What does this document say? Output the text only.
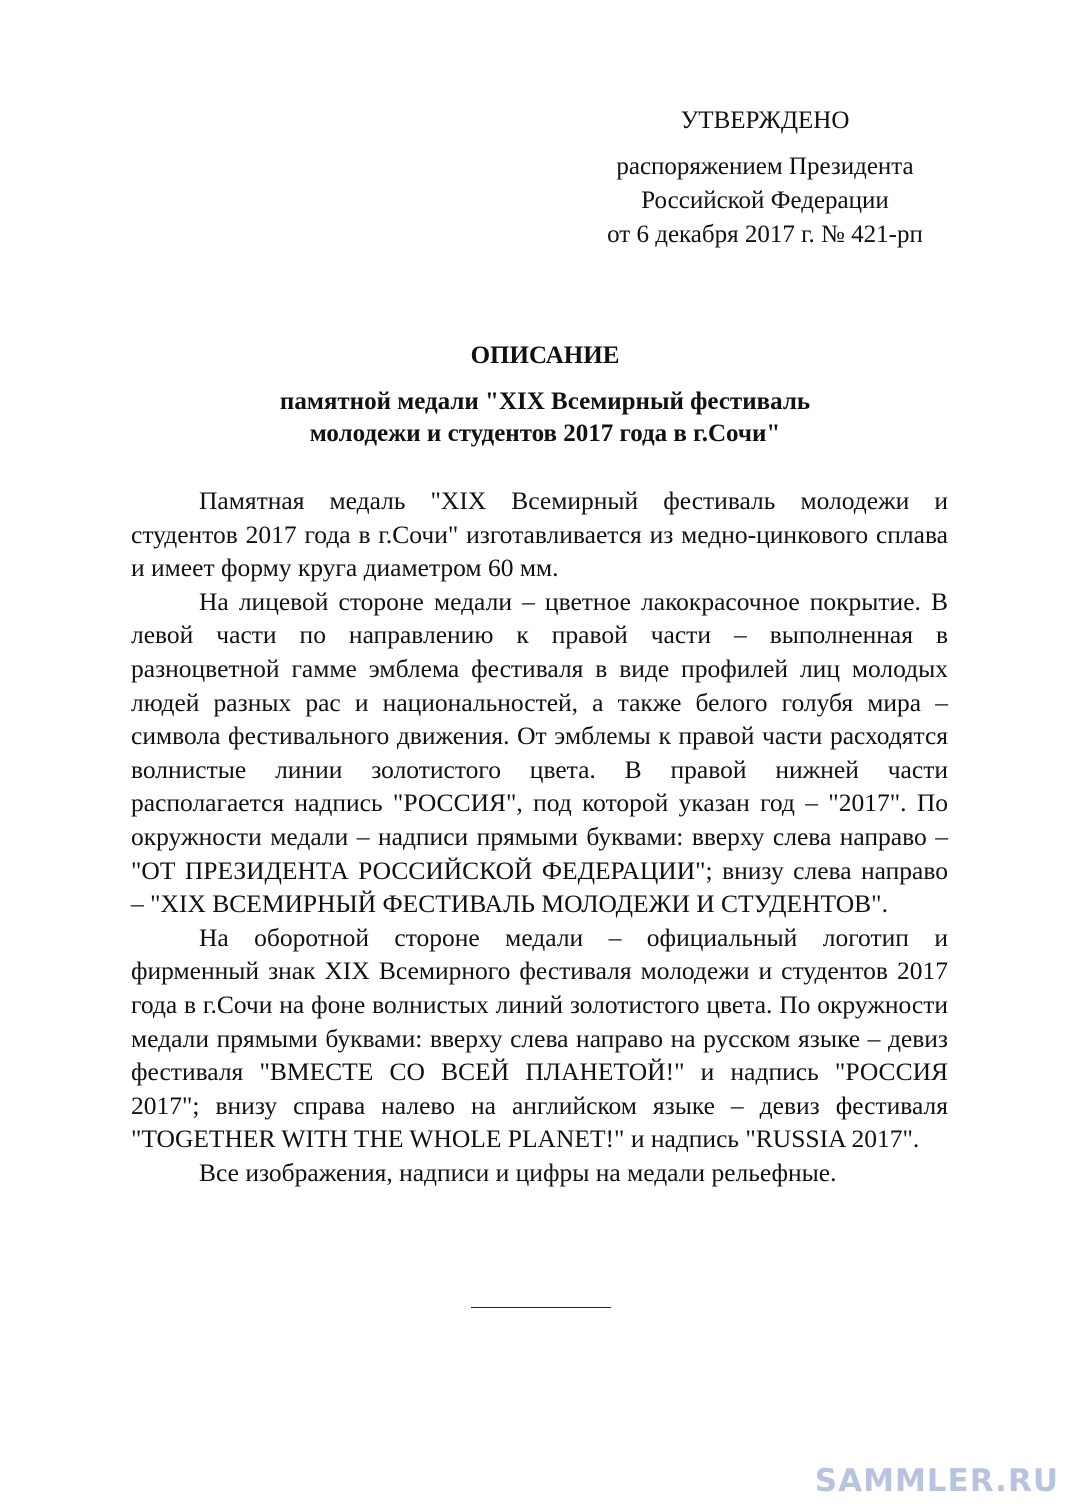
УТВЕРЖДЕНО
распоряжением Президента
Российской Федерации
от 6 декабря 2017 г. № 421-рп
ОПИСАНИЕ
памятной медали "XIX Всемирный фестиваль
молодежи и студентов 2017 года в г.Сочи"

Памятная медаль "XIX Всемирный фестиваль молодежи и студентов 2017 года в г.Сочи" изготавливается из медно-цинкового сплава и имеет форму круга диаметром 60 мм.

На лицевой стороне медали – цветное лакокрасочное покрытие. В левой части по направлению к правой части – выполненная в разноцветной гамме эмблема фестиваля в виде профилей лиц молодых людей разных рас и национальностей, а также белого голубя мира – символа фестивального движения. От эмблемы к правой части расходятся волнистые линии золотистого цвета. В правой нижней части располагается надпись "РОССИЯ", под которой указан год – "2017". По окружности медали – надписи прямыми буквами: вверху слева направо – "ОТ ПРЕЗИДЕНТА РОССИЙСКОЙ ФЕДЕРАЦИИ"; внизу слева направо – "XIX ВСЕМИРНЫЙ ФЕСТИВАЛЬ МОЛОДЕЖИ И СТУДЕНТОВ".

На оборотной стороне медали – официальный логотип и фирменный знак XIX Всемирного фестиваля молодежи и студентов 2017 года в г.Сочи на фоне волнистых линий золотистого цвета. По окружности медали прямыми буквами: вверху слева направо на русском языке – девиз фестиваля "ВМЕСТЕ СО ВСЕЙ ПЛАНЕТОЙ!" и надпись "РОССИЯ 2017"; внизу справа налево на английском языке – девиз фестиваля "TOGETHER WITH THE WHOLE PLANET!" и надпись "RUSSIA 2017".

Все изображения, надписи и цифры на медали рельефные.

SAMMLER.RU
